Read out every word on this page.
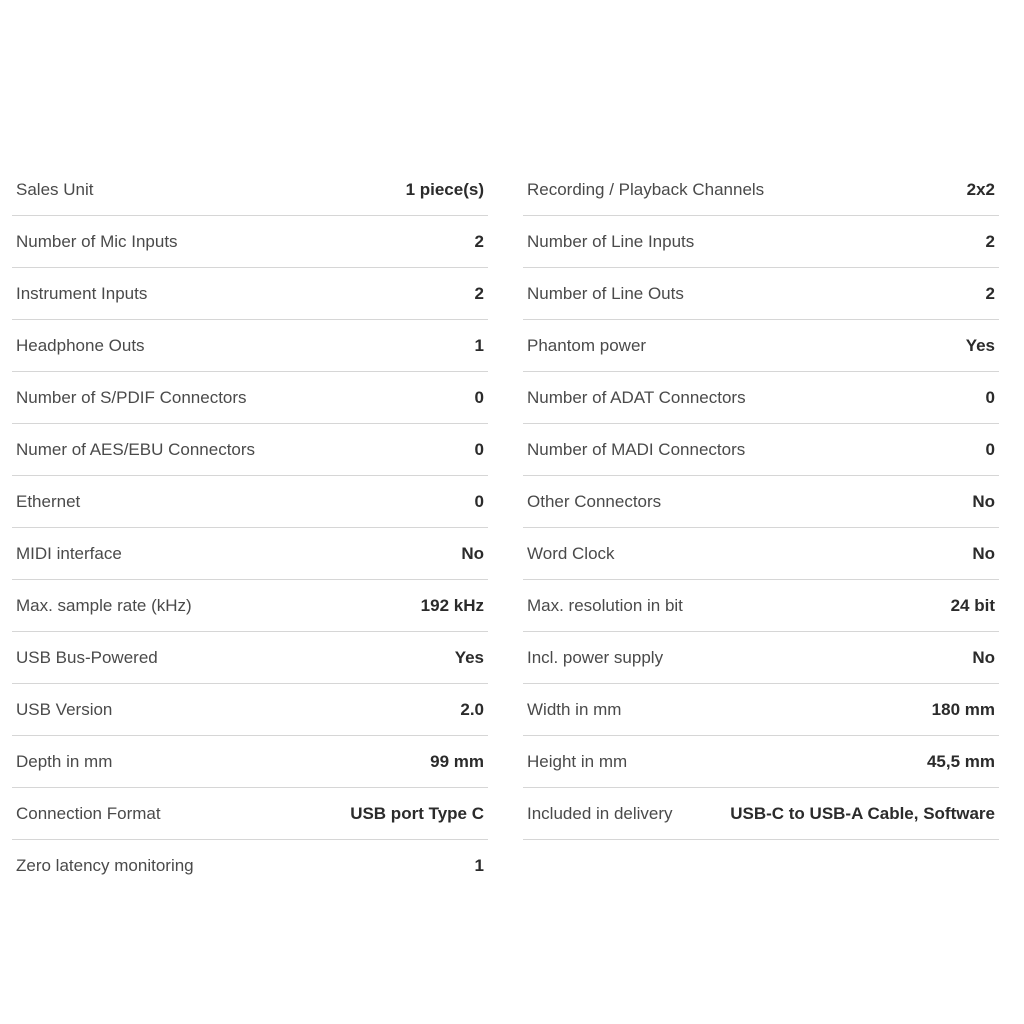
Sales Unit	1 piece(s)
Number of Mic Inputs	2
Instrument Inputs	2
Headphone Outs	1
Number of S/PDIF Connectors	0
Numer of AES/EBU Connectors	0
Ethernet	0
MIDI interface	No
Max. sample rate (kHz)	192 kHz
USB Bus-Powered	Yes
USB Version	2.0
Depth in mm	99 mm
Connection Format	USB port Type C
Zero latency monitoring	1
Recording / Playback Channels	2x2
Number of Line Inputs	2
Number of Line Outs	2
Phantom power	Yes
Number of ADAT Connectors	0
Number of MADI Connectors	0
Other Connectors	No
Word Clock	No
Max. resolution in bit	24 bit
Incl. power supply	No
Width in mm	180 mm
Height in mm	45,5 mm
Included in delivery	USB-C to USB-A Cable, Software
